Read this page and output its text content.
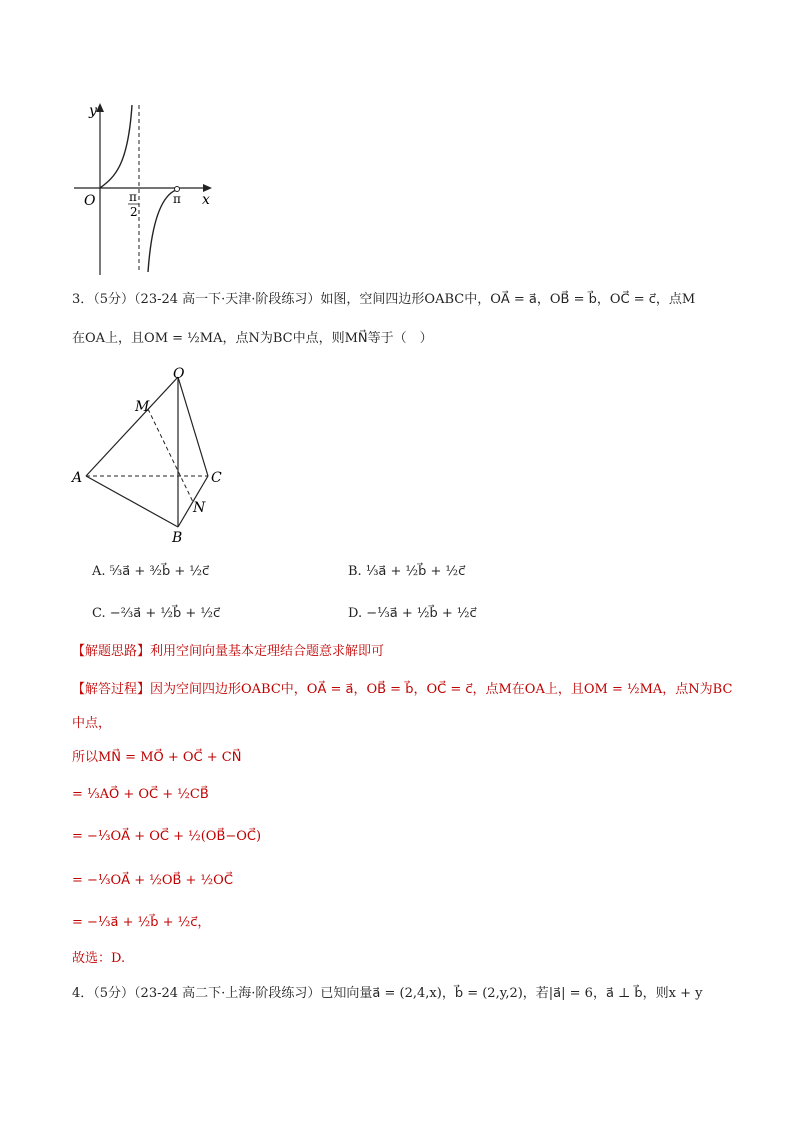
y
x
O	π
2
π
3．（5分）（23-24 高一下·天津·阶段练习）如图，空间四边形OABC中，OA⃗ = a⃗，OB⃗ = b⃗，OC⃗ = c⃗，点M
在OA上，且OM = ½MA，点N为BC中点，则MN⃗等于（　）
O
M
A	C
N
B
A. ⁵⁄₃a⃗ + ³⁄₂b⃗ + ½c⃗	B. ⅓a⃗ + ½b⃗ + ½c⃗
C. −⅔a⃗ + ½b⃗ + ½c⃗	D. −⅓a⃗ + ½b⃗ + ½c⃗
【解题思路】利用空间向量基本定理结合题意求解即可
【解答过程】因为空间四边形OABC中，OA⃗ = a⃗，OB⃗ = b⃗，OC⃗ = c⃗，点M在OA上，且OM = ½MA，点N为BC
中点，
所以MN⃗ = MO⃗ + OC⃗ + CN⃗
= ⅓AO⃗ + OC⃗ + ½CB⃗
= −⅓OA⃗ + OC⃗ + ½(OB⃗−OC⃗)
= −⅓OA⃗ + ½OB⃗ + ½OC⃗
= −⅓a⃗ + ½b⃗ + ½c⃗，
故选：D.
4．（5分）（23-24 高二下·上海·阶段练习）已知向量a⃗ = (2,4,x)，b⃗ = (2,y,2)，若|a⃗| = 6，a⃗ ⊥ b⃗，则x + y
